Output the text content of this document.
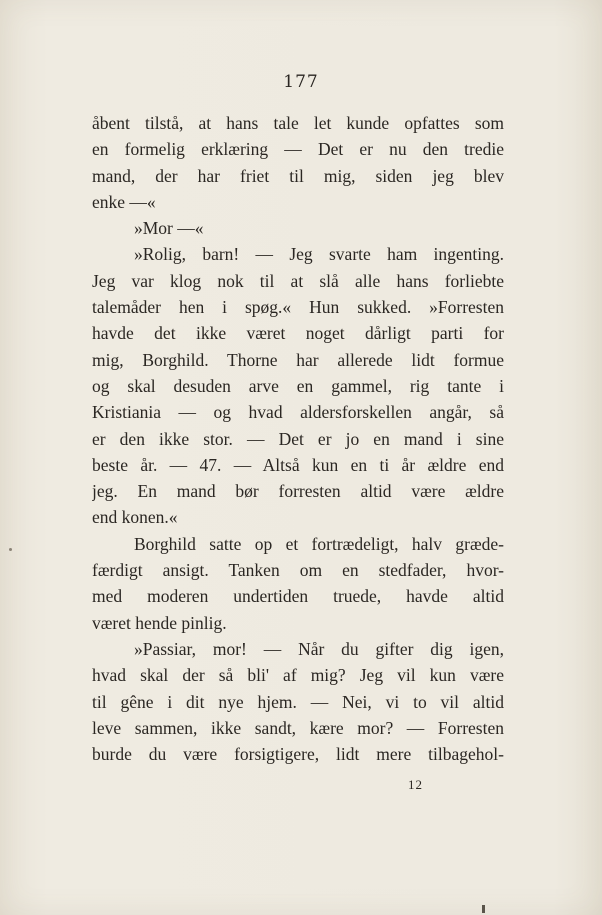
177
åbent tilstå, at hans tale let kunde opfattes som
en formelig erklæring — Det er nu den tredie
mand, der har friet til mig, siden jeg blev
enke —«
»Mor —«
»Rolig, barn! — Jeg svarte ham ingenting.
Jeg var klog nok til at slå alle hans forliebte
talemåder hen i spøg.« Hun sukked. »Forresten
havde det ikke været noget dårligt parti for
mig, Borghild. Thorne har allerede lidt formue
og skal desuden arve en gammel, rig tante i
Kristiania — og hvad aldersforskellen angår, så
er den ikke stor. — Det er jo en mand i sine
beste år. — 47. — Altså kun en ti år ældre end
jeg. En mand bør forresten altid være ældre
end konen.«
Borghild satte op et fortrædeligt, halv græde-
færdigt ansigt. Tanken om en stedfader, hvor-
med moderen undertiden truede, havde altid
været hende pinlig.
»Passiar, mor! — Når du gifter dig igen,
hvad skal der så bli' af mig? Jeg vil kun være
til gêne i dit nye hjem. — Nei, vi to vil altid
leve sammen, ikke sandt, kære mor? — Forresten
burde du være forsigtigere, lidt mere tilbagehol-
12
